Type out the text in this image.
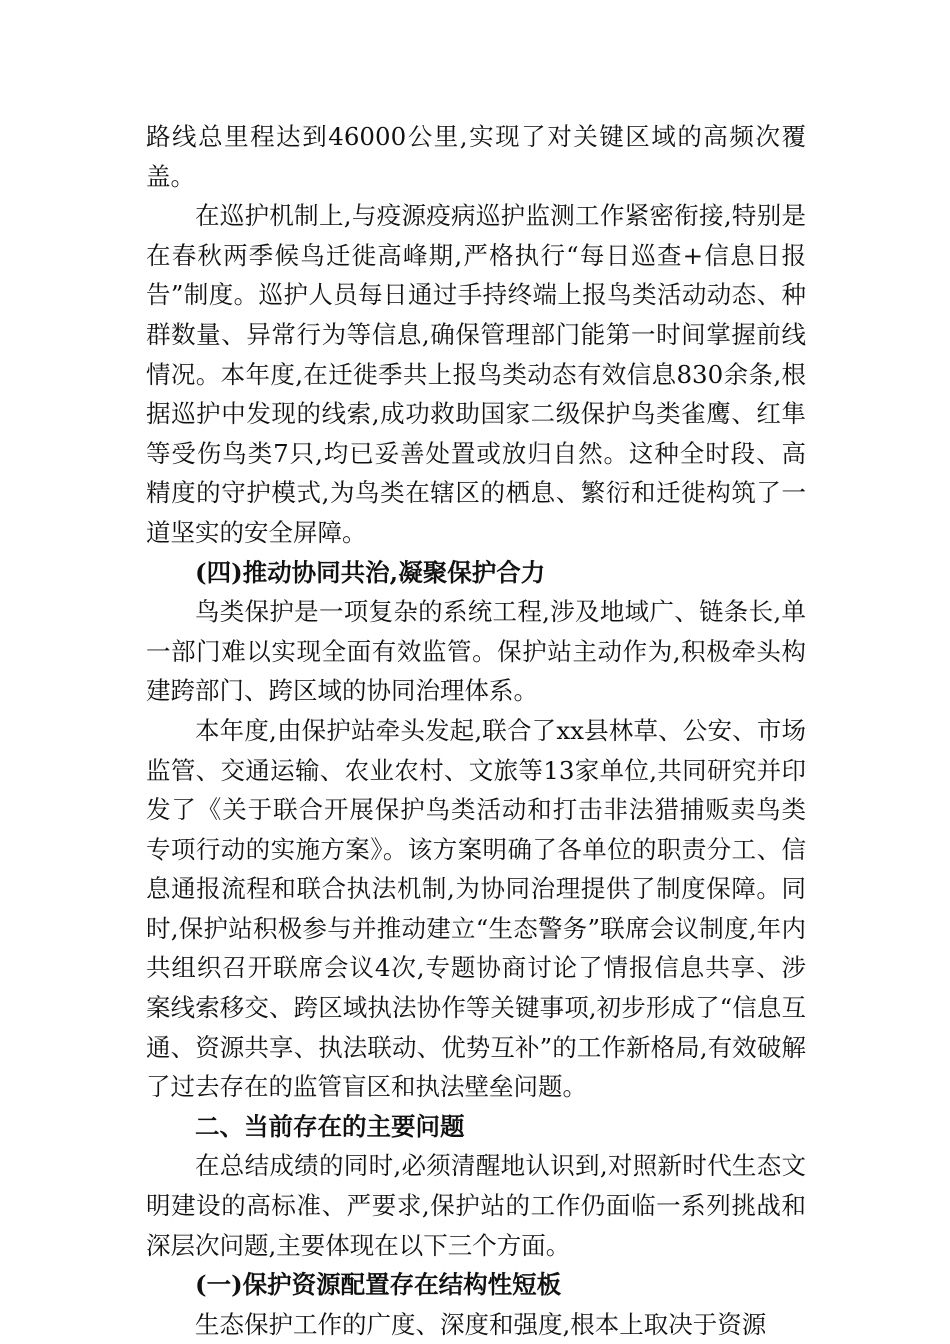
路线总里程达到46000公里,实现了对关键区域的高频次覆盖。

在巡护机制上,与疫源疫病巡护监测工作紧密衔接,特别是在春秋两季候鸟迁徙高峰期,严格执行“每日巡查+信息日报告”制度。巡护人员每日通过手持终端上报鸟类活动动态、种群数量、异常行为等信息,确保管理部门能第一时间掌握前线情况。本年度,在迁徙季共上报鸟类动态有效信息830余条,根据巡护中发现的线索,成功救助国家二级保护鸟类雀鹰、红隼等受伤鸟类7只,均已妥善处置或放归自然。这种全时段、高精度的守护模式,为鸟类在辖区的栖息、繁衍和迁徙构筑了一道坚实的安全屏障。

(四)推动协同共治,凝聚保护合力

鸟类保护是一项复杂的系统工程,涉及地域广、链条长,单一部门难以实现全面有效监管。保护站主动作为,积极牵头构建跨部门、跨区域的协同治理体系。

本年度,由保护站牵头发起,联合了xx县林草、公安、市场监管、交通运输、农业农村、文旅等13家单位,共同研究并印发了《关于联合开展保护鸟类活动和打击非法猎捕贩卖鸟类专项行动的实施方案》。该方案明确了各单位的职责分工、信息通报流程和联合执法机制,为协同治理提供了制度保障。同时,保护站积极参与并推动建立“生态警务”联席会议制度,年内共组织召开联席会议4次,专题协商讨论了情报信息共享、涉案线索移交、跨区域执法协作等关键事项,初步形成了“信息互通、资源共享、执法联动、优势互补”的工作新格局,有效破解了过去存在的监管盲区和执法壁垒问题。

二、当前存在的主要问题

在总结成绩的同时,必须清醒地认识到,对照新时代生态文明建设的高标准、严要求,保护站的工作仍面临一系列挑战和深层次问题,主要体现在以下三个方面。

(一)保护资源配置存在结构性短板

生态保护工作的广度、深度和强度,根本上取决于资源
